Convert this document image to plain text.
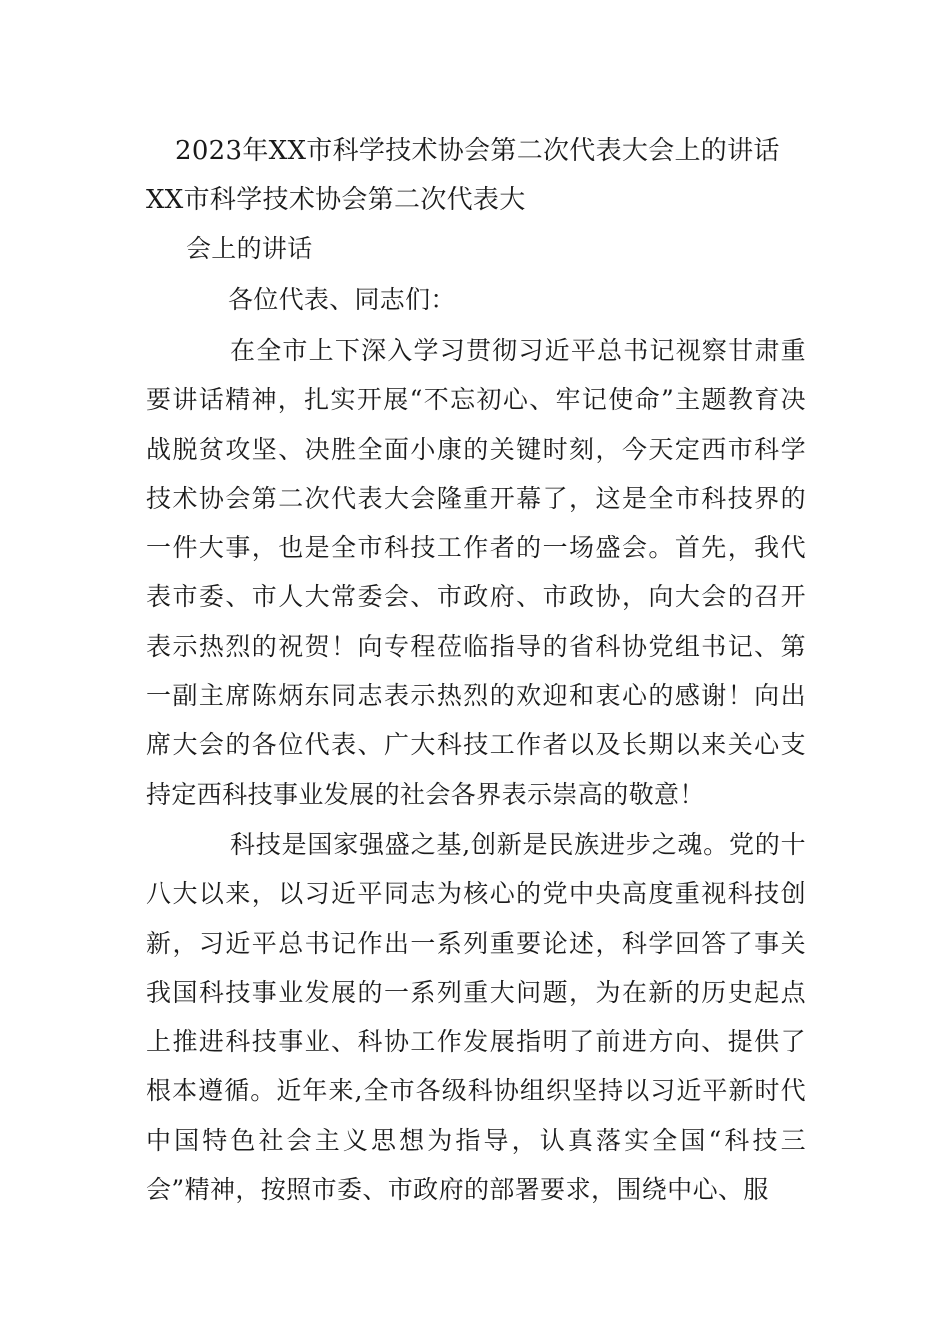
2023年XX市科学技术协会第二次代表大会上的讲话
XX市科学技术协会第二次代表大
会上的讲话
各位代表、同志们：

在全市上下深入学习贯彻习近平总书记视察甘肃重要讲话精神，扎实开展“不忘初心、牢记使命”主题教育决战脱贫攻坚、决胜全面小康的关键时刻，今天定西市科学技术协会第二次代表大会隆重开幕了，这是全市科技界的一件大事，也是全市科技工作者的一场盛会。首先，我代表市委、市人大常委会、市政府、市政协，向大会的召开表示热烈的祝贺！向专程莅临指导的省科协党组书记、第一副主席陈炳东同志表示热烈的欢迎和衷心的感谢！向出席大会的各位代表、广大科技工作者以及长期以来关心支持定西科技事业发展的社会各界表示崇高的敬意！

科技是国家强盛之基,创新是民族进步之魂。党的十八大以来，以习近平同志为核心的党中央高度重视科技创新，习近平总书记作出一系列重要论述，科学回答了事关我国科技事业发展的一系列重大问题，为在新的历史起点上推进科技事业、科协工作发展指明了前进方向、提供了根本遵循。近年来,全市各级科协组织坚持以习近平新时代中国特色社会主义思想为指导，认真落实全国“科技三会”精神，按照市委、市政府的部署要求，围绕中心、服
